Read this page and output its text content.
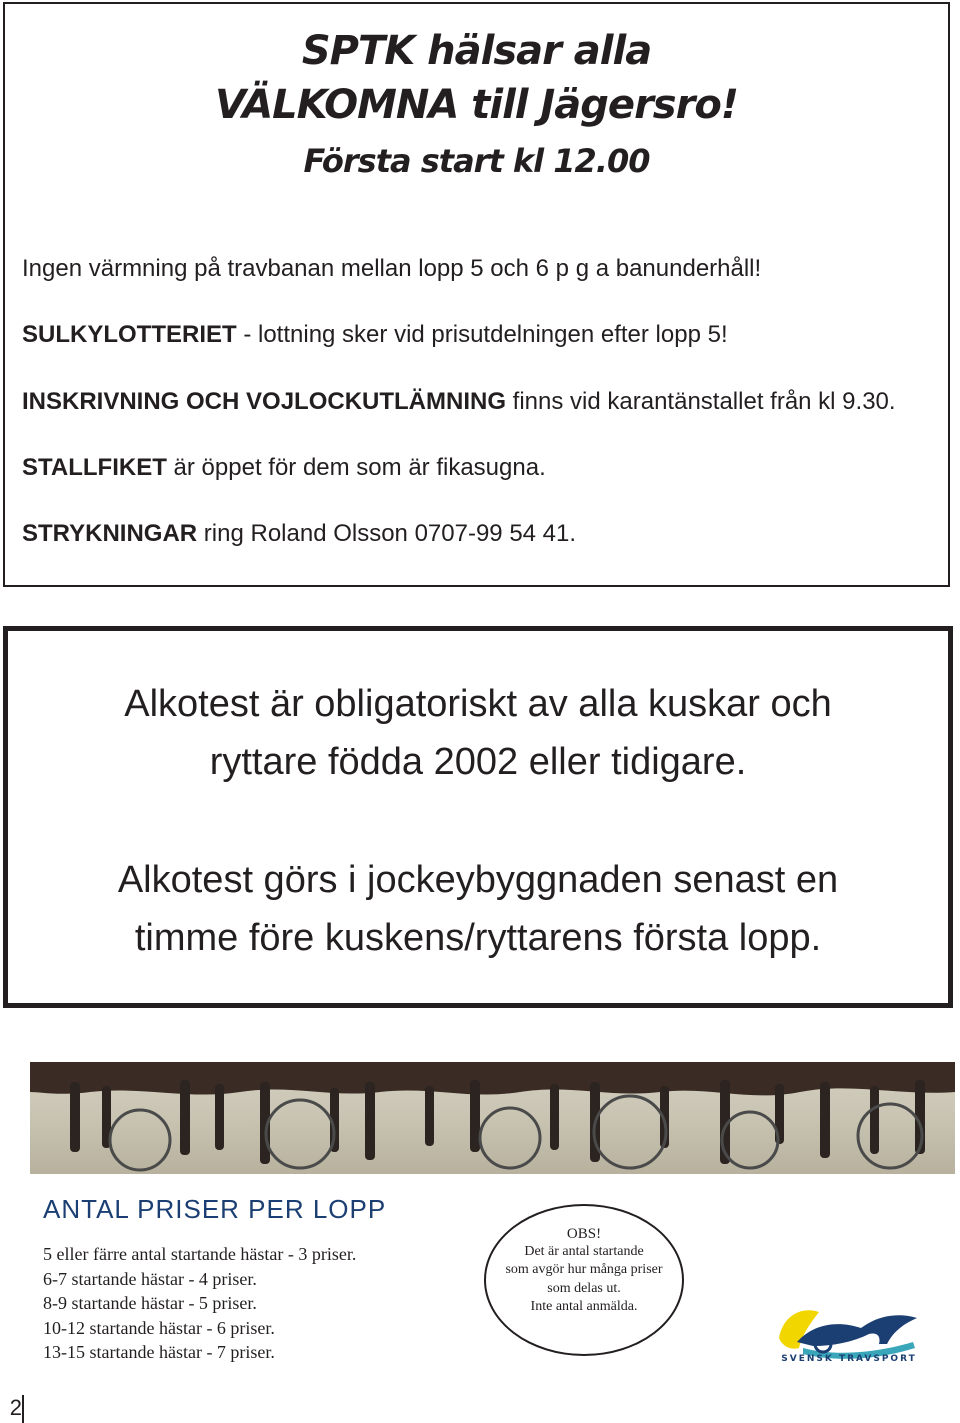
SPTK hälsar alla
VÄLKOMNA till Jägersro!
Första start kl 12.00
Ingen värmning på travbanan mellan lopp 5 och 6 p g a banunderhåll!
SULKYLOTTERIET - lottning sker vid prisutdelningen efter lopp 5!
INSKRIVNING OCH VOJLOCKUTLÄMNING finns vid karantänstallet från kl 9.30.
STALLFIKET är öppet för dem som är fikasugna.
STRYKNINGAR ring Roland Olsson 0707-99 54 41.
Alkotest är obligatoriskt av alla kuskar och
ryttare födda 2002 eller tidigare.
Alkotest görs i jockeybyggnaden senast en
timme före kuskens/ryttarens första lopp.
ANTAL PRISER PER LOPP
5 eller färre antal startande hästar - 3 priser.
6-7 startande hästar - 4 priser.
8-9 startande hästar - 5 priser.
10-12 startande hästar - 6 priser.
13-15 startande hästar - 7 priser.
OBS!
Det är antal startande
som avgör hur många priser
som delas ut.
Inte antal anmälda.
SVENSK TRAVSPORT
2
